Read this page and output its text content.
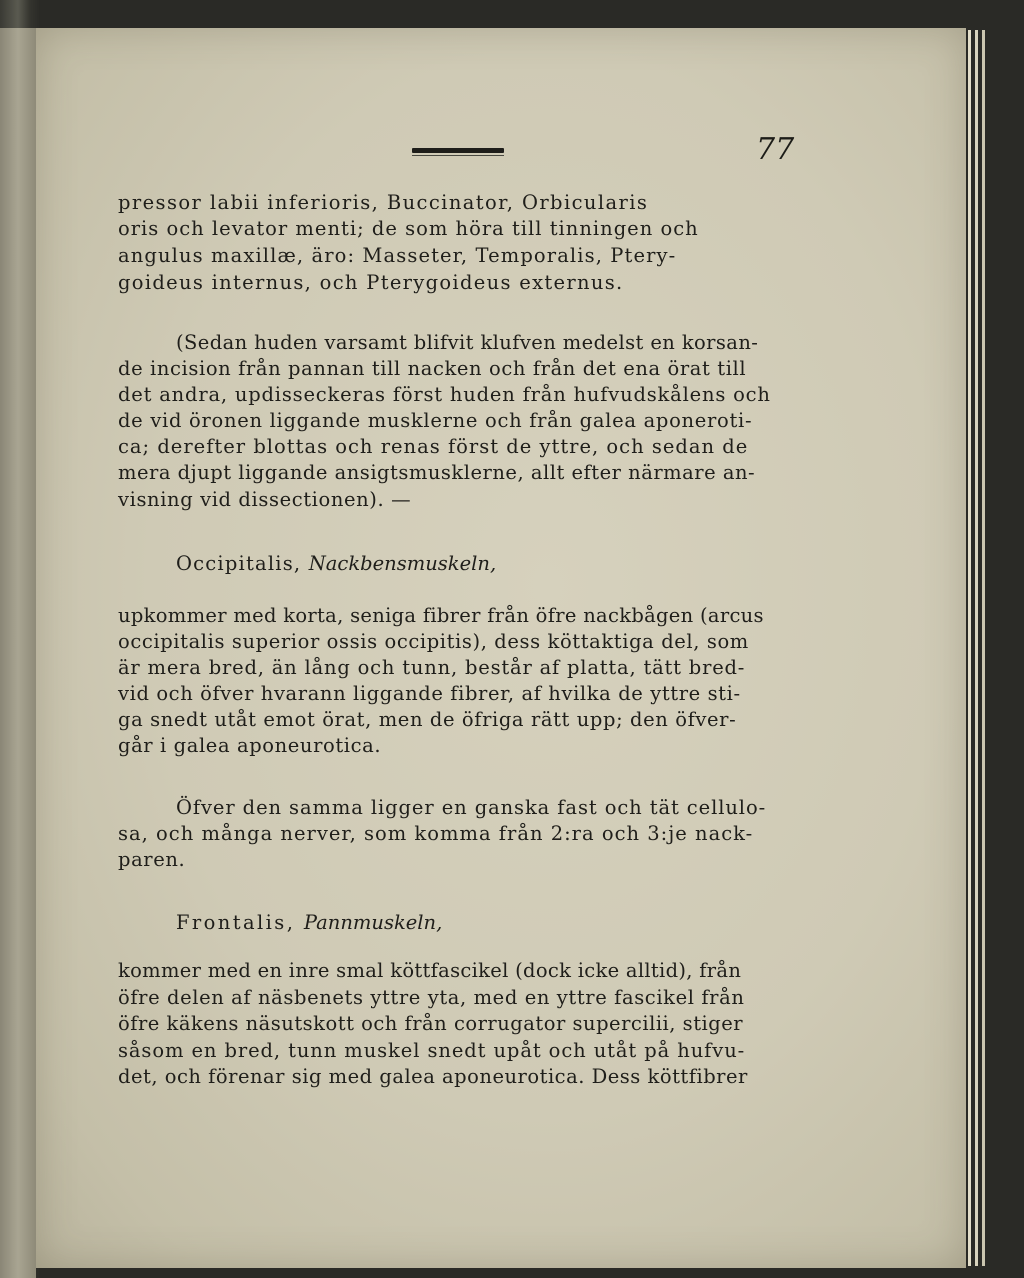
77
pressor labii inferioris, Buccinator, Orbicularis
oris och levator menti; de som höra till tinningen och
angulus maxillæ, äro: Masseter, Temporalis, Ptery-
goideus internus, och Pterygoideus externus.
(Sedan huden varsamt blifvit klufven medelst en korsan-
de incision från pannan till nacken och från det ena örat till
det andra, updisseckeras först huden från hufvudskålens och
de vid öronen liggande musklerne och från galea aponeroti-
ca; derefter blottas och renas först de yttre, och sedan de
mera djupt liggande ansigtsmusklerne, allt efter närmare an-
visning vid dissectionen). —
Occipitalis, Nackbensmuskeln,
upkommer med korta, seniga fibrer från öfre nackbågen (arcus
occipitalis superior ossis occipitis), dess köttaktiga del, som
är mera bred, än lång och tunn, består af platta, tätt bred-
vid och öfver hvarann liggande fibrer, af hvilka de yttre sti-
ga snedt utåt emot örat, men de öfriga rätt upp; den öfver-
går i galea aponeurotica.
Öfver den samma ligger en ganska fast och tät cellulo-
sa, och många nerver, som komma från 2:ra och 3:je nack-
paren.
Frontalis, Pannmuskeln,
kommer med en inre smal köttfascikel (dock icke alltid), från
öfre delen af näsbenets yttre yta, med en yttre fascikel från
öfre käkens näsutskott och från corrugator supercilii, stiger
såsom en bred, tunn muskel snedt upåt och utåt på hufvu-
det, och förenar sig med galea aponeurotica. Dess köttfibrer
